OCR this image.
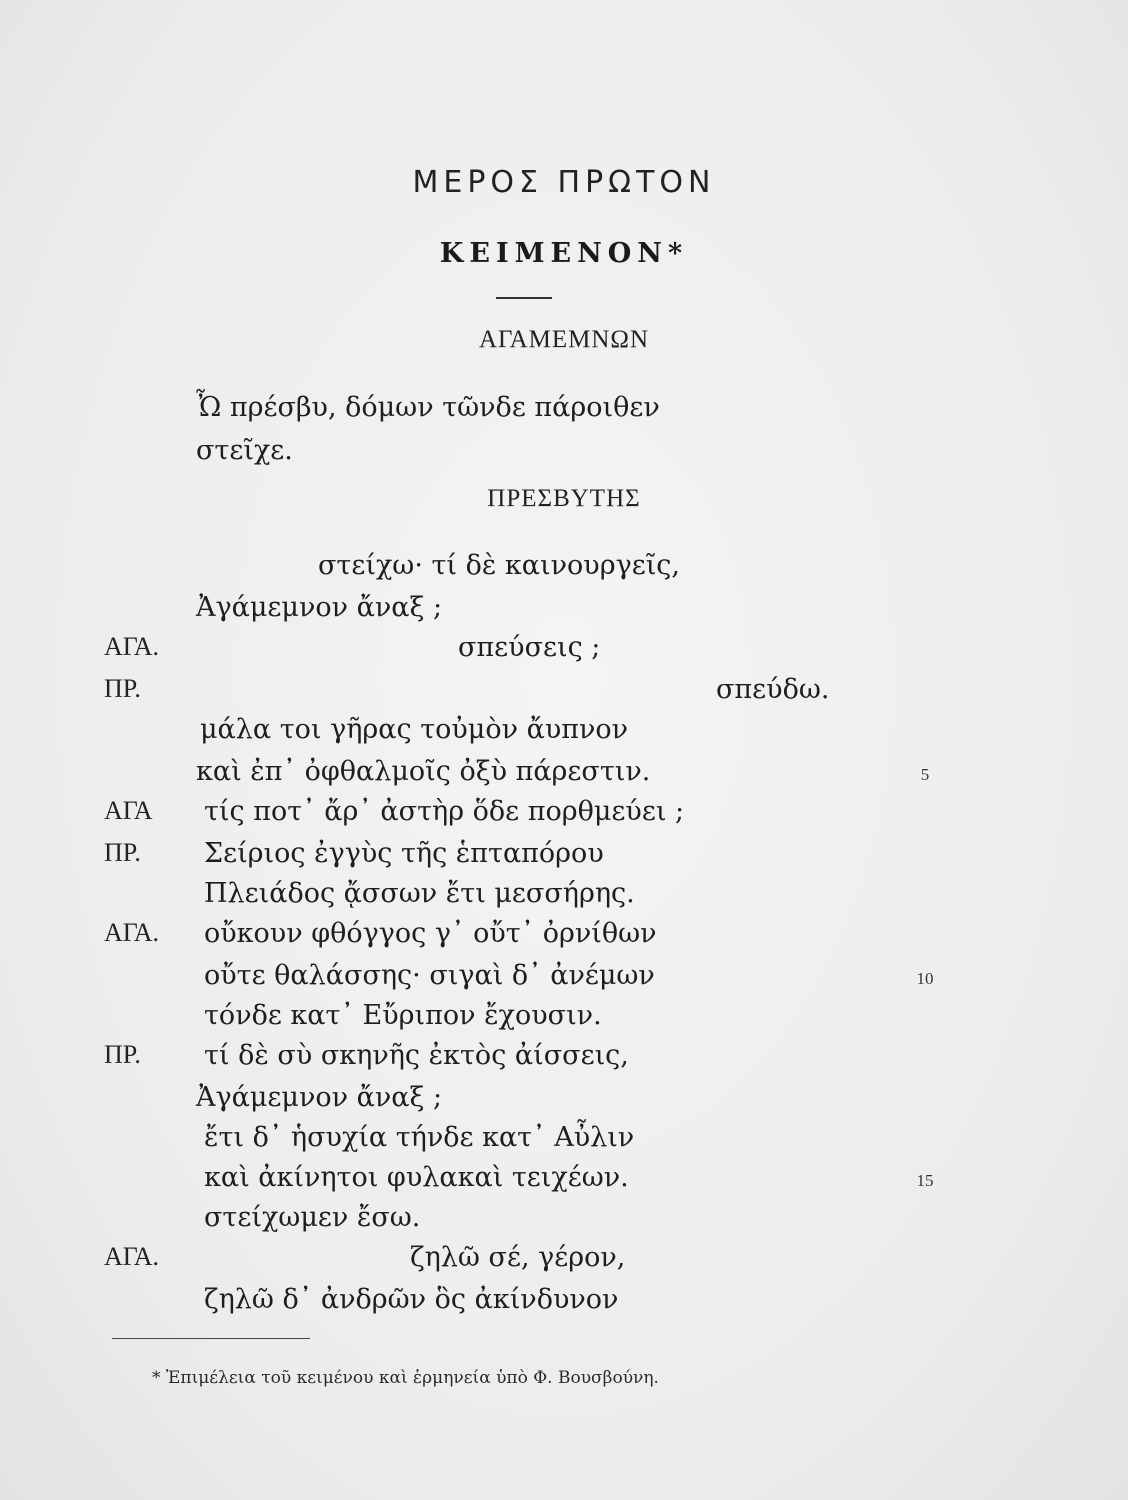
ΜΕΡΟΣ ΠΡΩΤΟΝ
ΚΕΙΜΕΝΟΝ*
ΑΓΑΜΕΜΝΩΝ
Ὦ πρέσβυ, δόμων τῶνδε πάροιθεν
στεῖχε.
ΠΡΕΣΒΥΤΗΣ
στείχω· τί δὲ καινουργεῖς,
Ἀγάμεμνον ἄναξ ;
ΑΓΑ.	σπεύσεις ;
ΠΡ.	σπεύδω.
μάλα τοι γῆρας τοὐμὸν ἄυπνον
καὶ ἐπ᾽ ὀφθαλμοῖς ὀξὺ πάρεστιν.	5
ΑΓΑ τίς ποτ᾽ ἄρ᾽ ἀστὴρ ὅδε πορθμεύει ;
ΠΡ. Σείριος ἐγγὺς τῆς ἑπταπόρου
Πλειάδος ᾄσσων ἔτι μεσσήρης.
ΑΓΑ. οὔκουν φθόγγος γ᾽ οὔτ᾽ ὀρνίθων
οὔτε θαλάσσης· σιγαὶ δ᾽ ἀνέμων	10
τόνδε κατ᾽ Εὔριπον ἔχουσιν.
ΠΡ. τί δὲ σὺ σκηνῆς ἐκτὸς ἀίσσεις,
Ἀγάμεμνον ἄναξ ;
ἔτι δ᾽ ἡσυχία τήνδε κατ᾽ Αὖλιν
καὶ ἀκίνητοι φυλακαὶ τειχέων.	15
στείχωμεν ἔσω.
ΑΓΑ.	ζηλῶ σέ, γέρον,
ζηλῶ δ᾽ ἀνδρῶν ὃς ἀκίνδυνον
* Ἐπιμέλεια τοῦ κειμένου καὶ ἑρμηνεία ὑπὸ Φ. Βουσβούνη.
